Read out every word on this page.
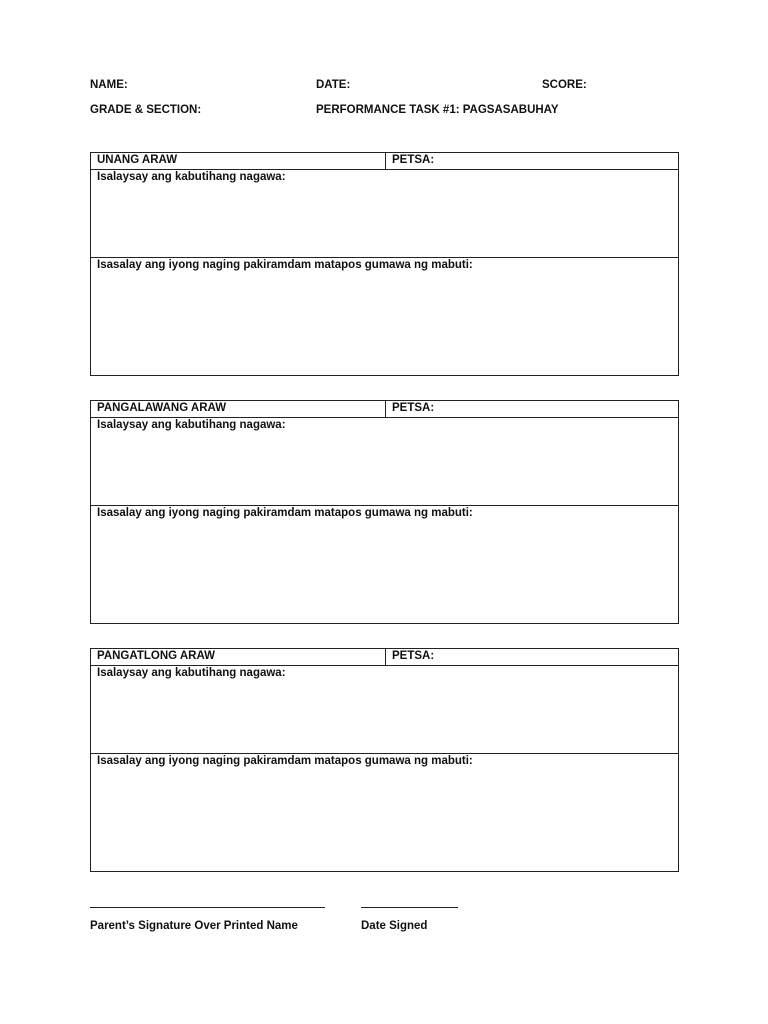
NAME:	DATE:	SCORE:
GRADE & SECTION:	PERFORMANCE TASK #1: PAGSASABUHAY
UNANG ARAW	PETSA:
Isalaysay ang kabutihang nagawa:
Isasalay ang iyong naging pakiramdam matapos gumawa ng mabuti:
PANGALAWANG ARAW	PETSA:
Isalaysay ang kabutihang nagawa:
Isasalay ang iyong naging pakiramdam matapos gumawa ng mabuti:
PANGATLONG ARAW	PETSA:
Isalaysay ang kabutihang nagawa:
Isasalay ang iyong naging pakiramdam matapos gumawa ng mabuti:
Parent’s Signature Over Printed Name	Date Signed
